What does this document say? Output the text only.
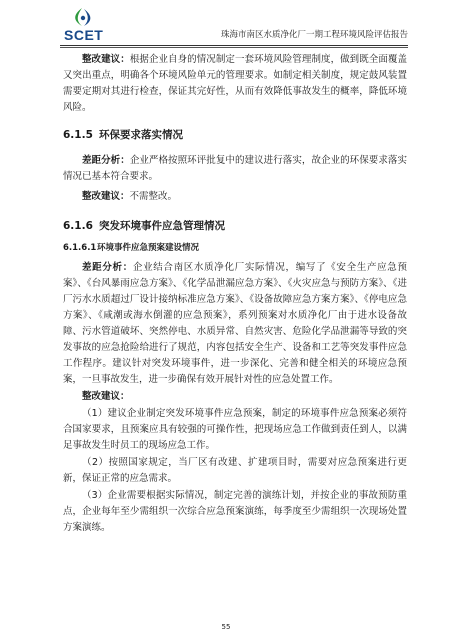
SCET	珠海市南区水质净化厂一期工程环境风险评估报告

整改建议：根据企业自身的情况制定一套环境风险管理制度，做到既全面覆盖又突出重点，明确各个环境风险单元的管理要求。如制定相关制度，规定鼓风装置需要定期对其进行检查，保证其完好性，从而有效降低事故发生的概率，降低环境风险。

6.1.5 环保要求落实情况

差距分析：企业严格按照环评批复中的建议进行落实，故企业的环保要求落实情况已基本符合要求。

整改建议：不需整改。

6.1.6 突发环境事件应急管理情况

6.1.6.1环境事件应急预案建设情况

差距分析：企业结合南区水质净化厂实际情况，编写了《安全生产应急预案》、《台风暴雨应急方案》、《化学品泄漏应急方案》、《火灾应急与预防方案》、《进厂污水水质超过厂设计接纳标准应急方案》、《设备故障应急方案方案》、《停电应急方案》、《咸潮或海水倒灌的应急预案》，系列预案对水质净化厂由于进水设备故障、污水管道破坏、突然停电、水质异常、自然灾害、危险化学品泄漏等导致的突发事故的应急抢险给进行了规范，内容包括安全生产、设备和工艺等突发事件应急工作程序。建议针对突发环境事件，进一步深化、完善和健全相关的环境应急预案，一旦事故发生，进一步确保有效开展针对性的应急处置工作。

整改建议：

（1）建议企业制定突发环境事件应急预案，制定的环境事件应急预案必须符合国家要求，且预案应具有较强的可操作性，把现场应急工作做到责任到人，以满足事故发生时员工的现场应急工作。

（2）按照国家规定，当厂区有改建、扩建项目时，需要对应急预案进行更新，保证正常的应急需求。

（3）企业需要根据实际情况，制定完善的演练计划，并按企业的事故预防重点，企业每年至少需组织一次综合应急预案演练，每季度至少需组织一次现场处置方案演练。

55
